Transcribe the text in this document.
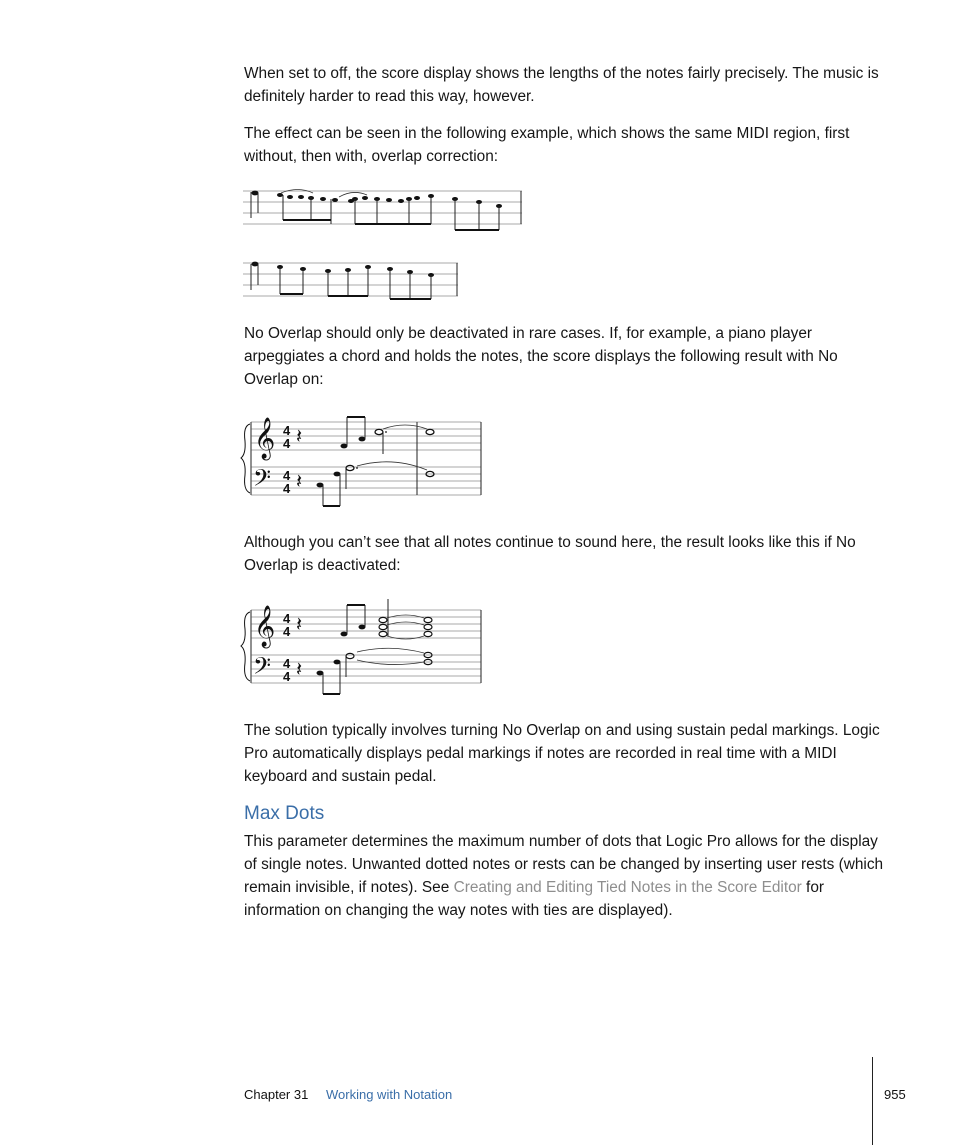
When set to off, the score display shows the lengths of the notes fairly precisely. The music is definitely harder to read this way, however.

The effect can be seen in the following example, which shows the same MIDI region, first without, then with, overlap correction:

No Overlap should only be deactivated in rare cases. If, for example, a piano player arpeggiates a chord and holds the notes, the score displays the following result with No Overlap on:

𝄞
𝄢
4
4
4
4
𝄽
𝄽

Although you can’t see that all notes continue to sound here, the result looks like this if No Overlap is deactivated:

𝄞
𝄢
4
4
4
4
𝄽
𝄽

The solution typically involves turning No Overlap on and using sustain pedal markings. Logic Pro automatically displays pedal markings if notes are recorded in real time with a MIDI keyboard and sustain pedal.

Max Dots

This parameter determines the maximum number of dots that Logic Pro allows for the display of single notes. Unwanted dotted notes or rests can be changed by inserting user rests (which remain invisible, if notes). See Creating and Editing Tied Notes in the Score Editor for information on changing the way notes with ties are displayed).

Chapter 31 Working with Notation	955
